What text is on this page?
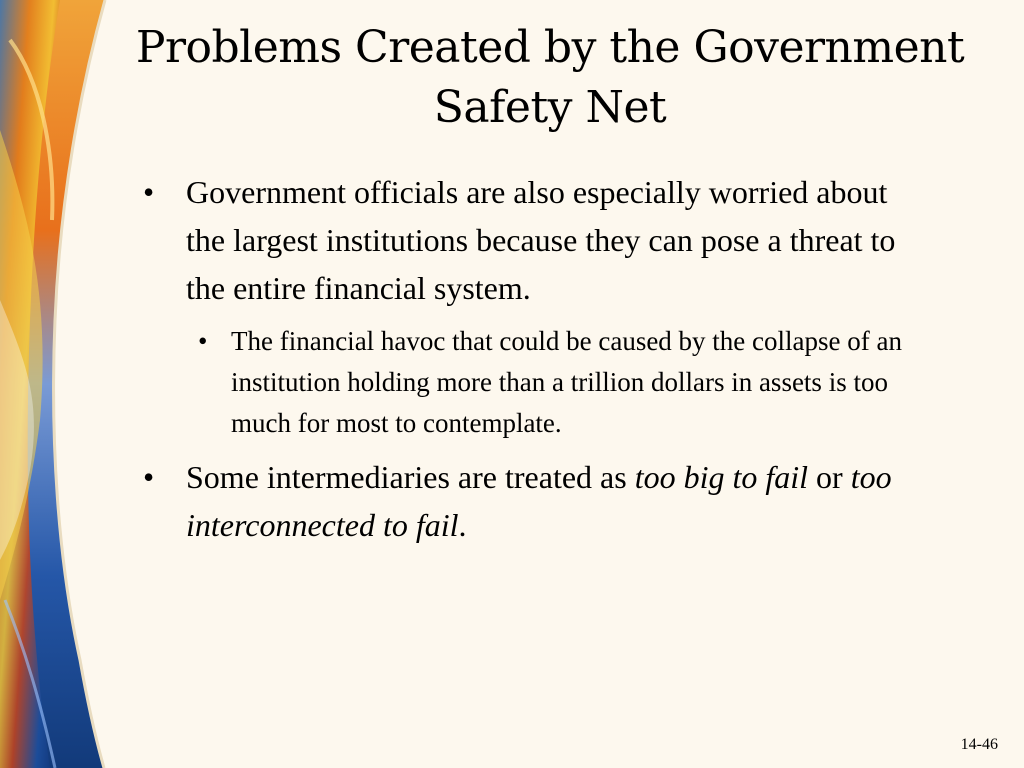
Problems Created by the Government
Safety Net
• Government officials are also especially worried about the largest institutions because they can pose a threat to the entire financial system.
• The financial havoc that could be caused by the collapse of an institution holding more than a trillion dollars in assets is too much for most to contemplate.
• Some intermediaries are treated as too big to fail or too interconnected to fail.
14-46
